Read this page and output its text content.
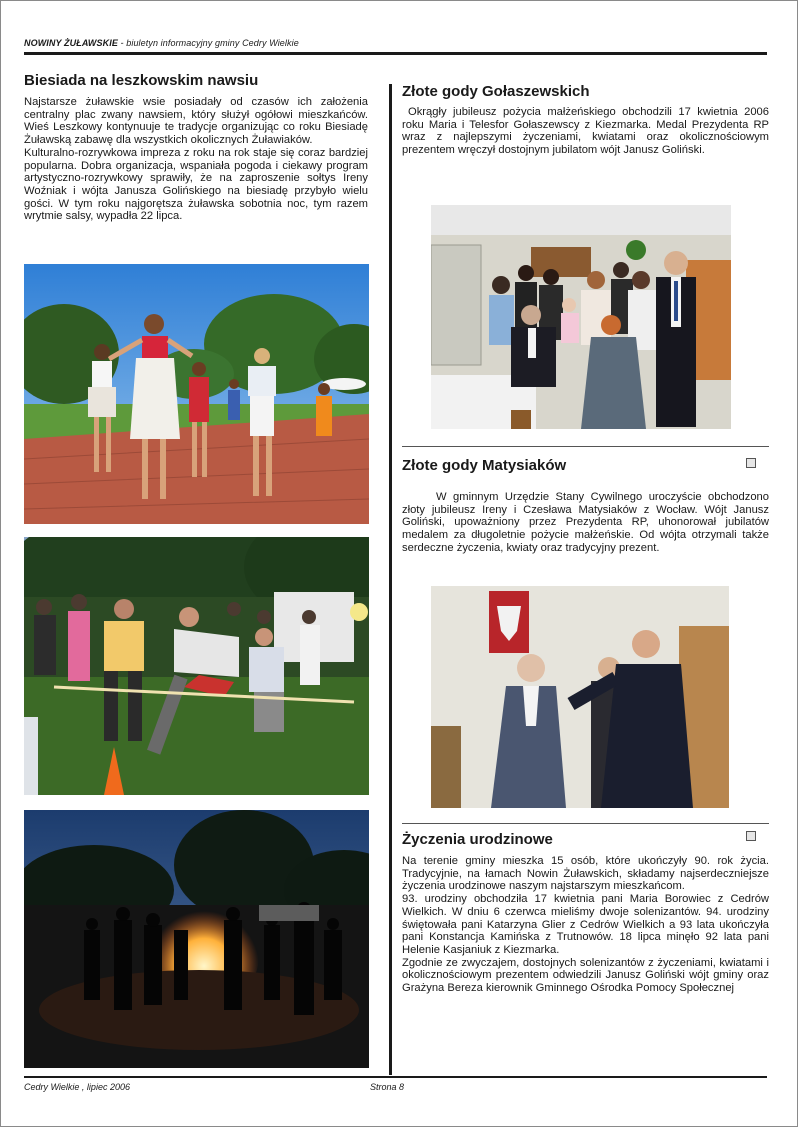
NOWINY ŻUŁAWSKIE - biuletyn informacyjny gminy Cedry Wielkie
Biesiada na leszkowskim nawsiu

Najstarsze żuławskie wsie posiadały od czasów ich założenia centralny plac zwany nawsiem, który służył ogółowi mieszkańców. Wieś Leszkowy kontynuuje te tradycje organizując co roku Biesiadę Żuławską zabawę dla wszystkich okolicznych Żuławiaków.

Kulturalno-rozrywkowa impreza z roku na rok staje się coraz bardziej popularna. Dobra organizacja, wspaniała pogoda i ciekawy program artystyczno-rozrywkowy sprawiły, że na zaproszenie sołtys Ireny Woźniak i wójta Janusza Golińskiego na biesiadę przybyło wielu gości. W tym roku najgorętsza żuławska sobotnia noc, tym razem wrytmie salsy, wypadła 22 lipca.

Złote gody Gołaszewskich

Okrągły jubileusz pożycia małżeńskiego obchodzili 17 kwietnia 2006 roku Maria i Telesfor Gołaszewscy z Kiezmarka. Medal Prezydenta RP wraz z najlepszymi życzeniami, kwiatami oraz okolicznościowym prezentem wręczył dostojnym jubilatom wójt Janusz Goliński.

Złote gody Matysiaków

W gminnym Urzędzie Stany Cywilnego uroczyście obchodzono złoty jubileusz Ireny i Czesława Matysiaków z Wocław. Wójt Janusz Goliński, upoważniony przez Prezydenta RP, uhonorował jubilatów medalem za długoletnie pożycie małżeńskie. Od wójta otrzymali także serdeczne życzenia, kwiaty oraz tradycyjny prezent.

Życzenia urodzinowe

Na terenie gminy mieszka 15 osób, które ukończyły 90. rok życia. Tradycyjnie, na łamach Nowin Żuławskich, składamy najserdeczniejsze życzenia urodzinowe naszym najstarszym mieszkańcom.

93. urodziny obchodziła 17 kwietnia pani Maria Borowiec z Cedrów Wielkich. W dniu 6 czerwca mieliśmy dwoje solenizantów. 94. urodziny świętowała pani Katarzyna Glier z Cedrów Wielkich a 93 lata ukończyła pani Konstancja Kamińska z Trutnowów. 18 lipca minęło 92 lata pani Helenie Kasjaniuk z Kiezmarka.

Zgodnie ze zwyczajem, dostojnych solenizantów z życzeniami, kwiatami i okolicznościowym prezentem odwiedzili Janusz Goliński wójt gminy oraz Grażyna Bereza kierownik Gminnego Ośrodka Pomocy Społecznej

Cedry Wielkie , lipiec 2006	Strona 8
